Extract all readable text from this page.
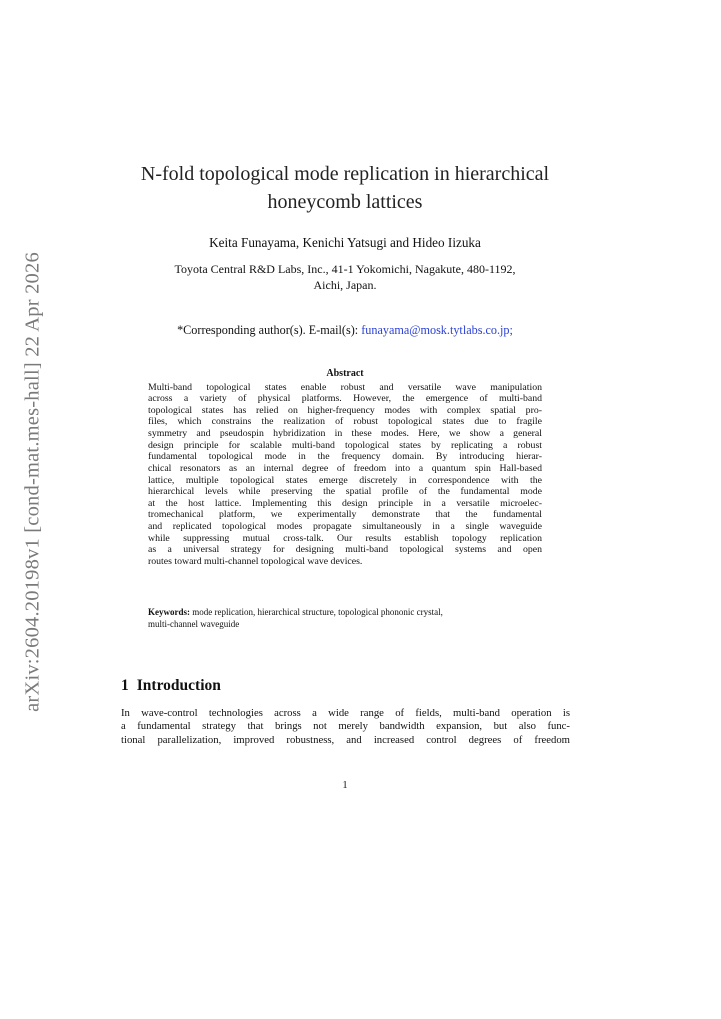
arXiv:2604.20198v1 [cond-mat.mes-hall] 22 Apr 2026
N-fold topological mode replication in hierarchical
honeycomb lattices
Keita Funayama, Kenichi Yatsugi and Hideo Iizuka
Toyota Central R&D Labs, Inc., 41-1 Yokomichi, Nagakute, 480-1192,
Aichi, Japan.
*Corresponding author(s). E-mail(s): funayama@mosk.tytlabs.co.jp;
Abstract

Multi-band topological states enable robust and versatile wave manipulation
across a variety of physical platforms. However, the emergence of multi-band
topological states has relied on higher-frequency modes with complex spatial pro-
files, which constrains the realization of robust topological states due to fragile
symmetry and pseudospin hybridization in these modes. Here, we show a general
design principle for scalable multi-band topological states by replicating a robust
fundamental topological mode in the frequency domain. By introducing hierar-
chical resonators as an internal degree of freedom into a quantum spin Hall-based
lattice, multiple topological states emerge discretely in correspondence with the
hierarchical levels while preserving the spatial profile of the fundamental mode
at the host lattice. Implementing this design principle in a versatile microelec-
tromechanical platform, we experimentally demonstrate that the fundamental
and replicated topological modes propagate simultaneously in a single waveguide
while suppressing mutual cross-talk. Our results establish topology replication
as a universal strategy for designing multi-band topological systems and open
routes toward multi-channel topological wave devices.

Keywords: mode replication, hierarchical structure, topological phononic crystal,
multi-channel waveguide
1 Introduction

In wave-control technologies across a wide range of fields, multi-band operation is
a fundamental strategy that brings not merely bandwidth expansion, but also func-
tional parallelization, improved robustness, and increased control degrees of freedom

1
